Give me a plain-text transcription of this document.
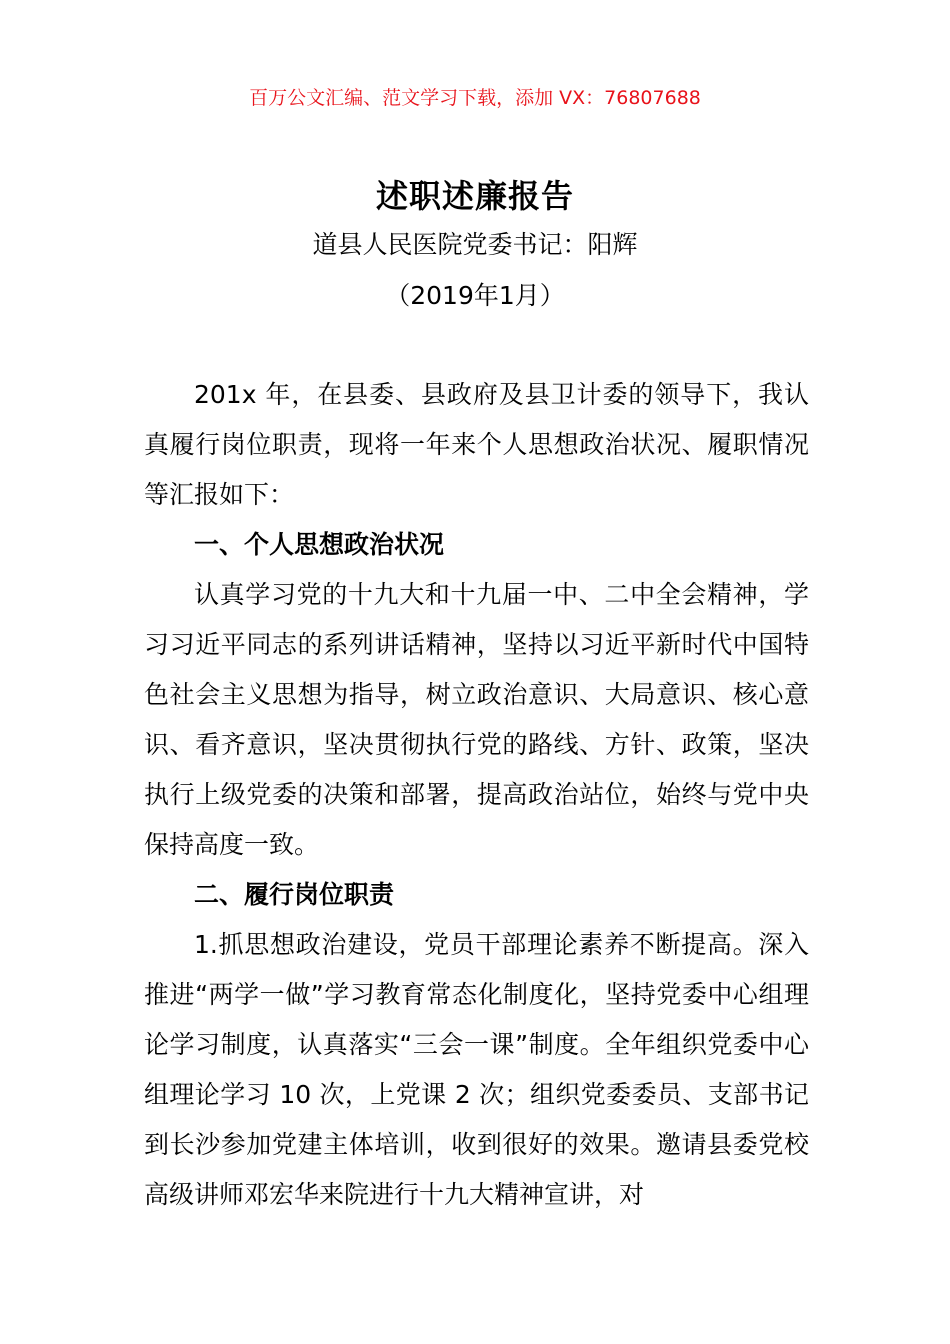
百万公文汇编、范文学习下载，添加 VX：76807688
述职述廉报告
道县人民医院党委书记：阳辉
（2019年1月）

201x 年，在县委、县政府及县卫计委的领导下，我认真履行岗位职责，现将一年来个人思想政治状况、履职情况等汇报如下：

一、个人思想政治状况

认真学习党的十九大和十九届一中、二中全会精神，学习习近平同志的系列讲话精神，坚持以习近平新时代中国特色社会主义思想为指导，树立政治意识、大局意识、核心意识、看齐意识，坚决贯彻执行党的路线、方针、政策，坚决执行上级党委的决策和部署，提高政治站位，始终与党中央保持高度一致。

二、履行岗位职责

1.抓思想政治建设，党员干部理论素养不断提高。深入推进“两学一做”学习教育常态化制度化，坚持党委中心组理论学习制度，认真落实“三会一课”制度。全年组织党委中心组理论学习 10 次，上党课 2 次；组织党委委员、支部书记到长沙参加党建主体培训，收到很好的效果。邀请县委党校高级讲师邓宏华来院进行十九大精神宣讲，对
